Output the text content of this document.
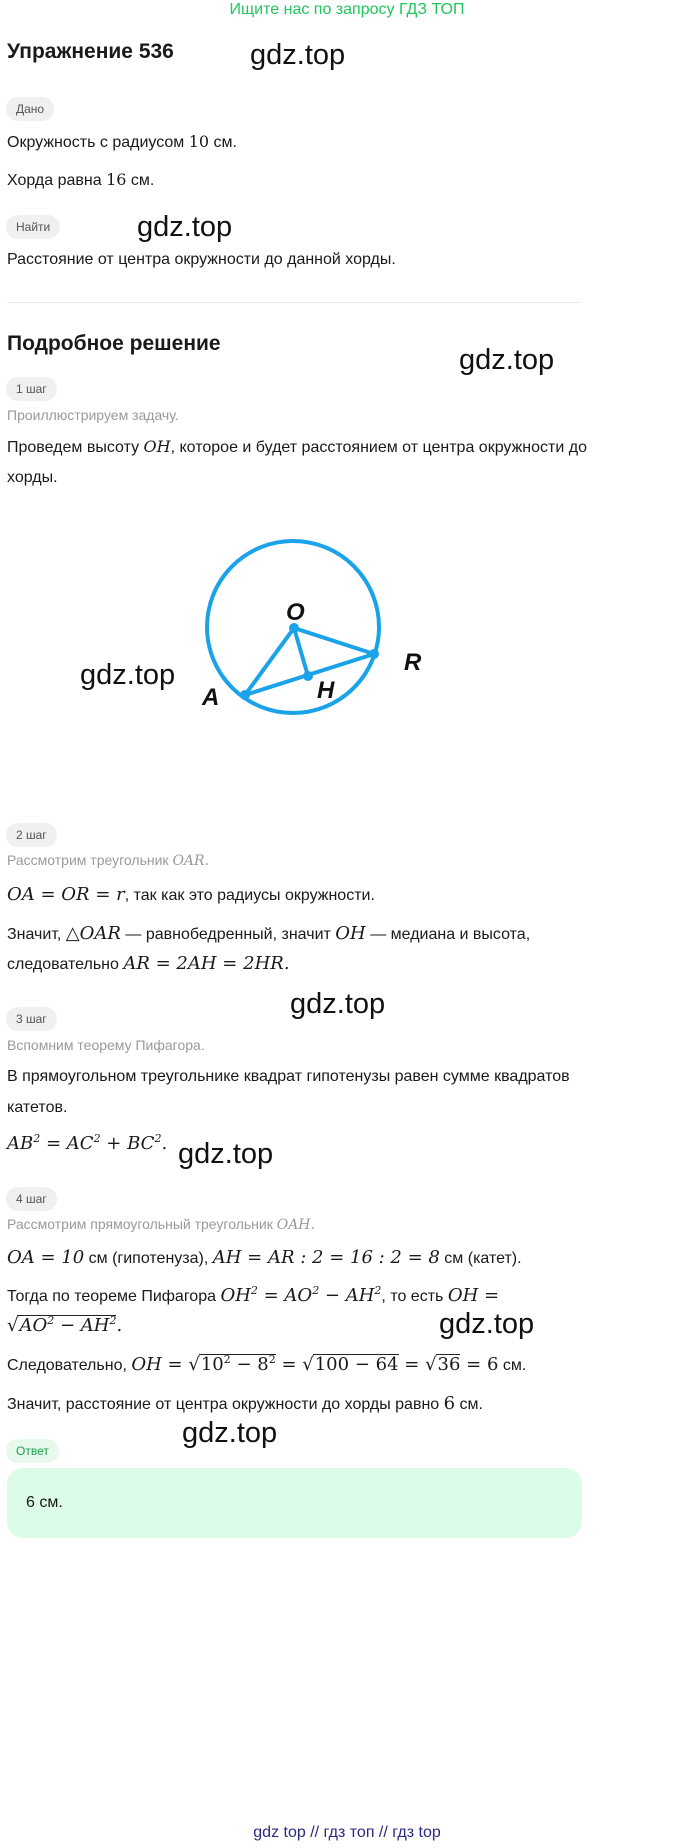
Ищите нас по запросу ГДЗ ТОП
Упражнение 536	gdz.top
gdz.top
gdz.top
gdz.top
gdz.top
gdz.top
gdz.top
gdz.top
Дано
Окружность с радиусом 10 см.
Хорда равна 16 см.
Найти
Расстояние от центра окружности до данной хорды.
Подробное решение
1 шаг
Проиллюстрируем задачу.
Проведем высоту OH, которое и будет расстоянием от центра окружности до
хорды.
O
R
A	H
2 шаг
Рассмотрим треугольник OAR.
OA = OR = r, так как это радиусы окружности.
Значит, △OAR — равнобедренный, значит OH — медиана и высота,
следовательно AR = 2AH = 2HR.
3 шаг
Вспомним теорему Пифагора.
В прямоугольном треугольнике квадрат гипотенузы равен сумме квадратов
катетов.
$AB^2 = AC^2 + BC^2$.
4 шаг
Рассмотрим прямоугольный треугольник OAH.
OA = 10 см (гипотенуза), AH = AR : 2 = 16 : 2 = 8 см (катет).
Тогда по теореме Пифагора $OH^2 = AO^2 - AH^2$, то есть OH =
$√AO^2 - AH^2$.
Следовательно, OH = $√10^2 - 8^2 = √100 - 64 = √36 = 6$ см.
Значит, расстояние от центра окружности до хорды равно 6 см.
Ответ
6 см.
gdz top // гдз топ // гдз top
